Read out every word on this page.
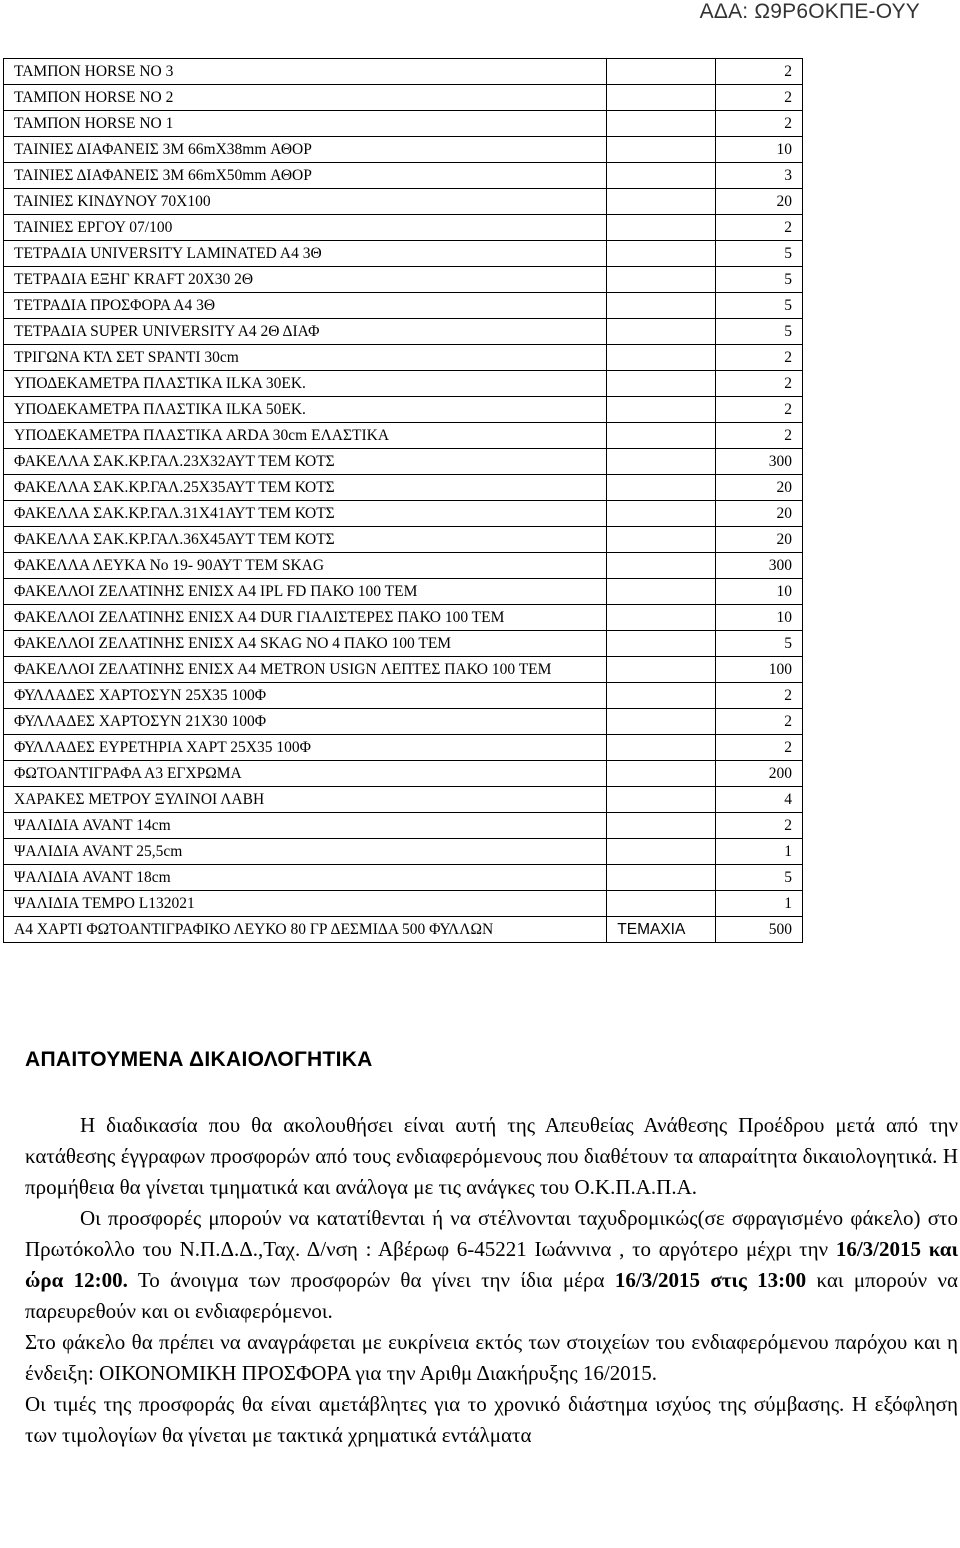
ΑΔΑ: Ω9Ρ6ΟΚΠΕ-ΟΥΥ
ΤΑΜΠΟΝ HORSE NO 3		2
ΤΑΜΠΟΝ HORSE NO 2		2
ΤΑΜΠΟΝ HORSE NO 1		2
ΤΑΙΝΙΕΣ ΔΙΑΦΑΝΕΙΣ 3M 66mX38mm ΑΘΟΡ		10
ΤΑΙΝΙΕΣ ΔΙΑΦΑΝΕΙΣ 3M 66mX50mm ΑΘΟΡ		3
ΤΑΙΝΙΕΣ ΚΙΝΔΥΝΟΥ 70Χ100		20
ΤΑΙΝΙΕΣ ΕΡΓΟΥ 07/100		2
ΤΕΤΡΑΔΙΑ UNIVERSITY LAMINATED A4 3Θ		5
ΤΕΤΡΑΔΙΑ ΕΞΗΓ KRAFT 20Χ30 2Θ		5
ΤΕΤΡΑΔΙΑ ΠΡΟΣΦΟΡΑ Α4 3Θ		5
ΤΕΤΡΑΔΙΑ SUPER UNIVERSITY A4 2Θ ΔΙΑΦ		5
ΤΡΙΓΩΝΑ ΚΤΛ ΣΕΤ SPANTI 30cm		2
ΥΠΟΔΕΚΑΜΕΤΡΑ ΠΛΑΣΤΙΚΑ ILKA 30ΕΚ.		2
ΥΠΟΔΕΚΑΜΕΤΡΑ ΠΛΑΣΤΙΚΑ ILKA 50ΕΚ.		2
ΥΠΟΔΕΚΑΜΕΤΡΑ ΠΛΑΣΤΙΚΑ ARDA 30cm ΕΛΑΣΤΙΚΑ		2
ΦΑΚΕΛΛΑ ΣΑΚ.ΚΡ.ΓΑΛ.23Χ32ΑΥΤ ΤΕΜ ΚΟΤΣ		300
ΦΑΚΕΛΛΑ ΣΑΚ.ΚΡ.ΓΑΛ.25Χ35ΑΥΤ ΤΕΜ ΚΟΤΣ		20
ΦΑΚΕΛΛΑ ΣΑΚ.ΚΡ.ΓΑΛ.31Χ41ΑΥΤ ΤΕΜ ΚΟΤΣ		20
ΦΑΚΕΛΛΑ ΣΑΚ.ΚΡ.ΓΑΛ.36Χ45ΑΥΤ ΤΕΜ ΚΟΤΣ		20
ΦΑΚΕΛΛΑ ΛΕΥΚΑ Νο 19- 90ΑΥΤ ΤΕΜ SKAG		300
ΦΑΚΕΛΛΟΙ ΖΕΛΑΤΙΝΗΣ ΕΝΙΣΧ Α4 IPL FD ΠΑΚΟ 100 ΤΕΜ		10
ΦΑΚΕΛΛΟΙ ΖΕΛΑΤΙΝΗΣ ΕΝΙΣΧ Α4 DUR ΓΙΑΛΙΣΤΕΡΕΣ ΠΑΚΟ 100 ΤΕΜ		10
ΦΑΚΕΛΛΟΙ ΖΕΛΑΤΙΝΗΣ ΕΝΙΣΧ Α4 SKAG NO 4 ΠΑΚΟ 100 ΤΕΜ		5
ΦΑΚΕΛΛΟΙ ΖΕΛΑΤΙΝΗΣ ΕΝΙΣΧ Α4 METRON USIGN ΛΕΠΤΕΣ ΠΑΚΟ 100 ΤΕΜ		100
ΦΥΛΛΑΔΕΣ ΧΑΡΤΟΣΥΝ 25Χ35 100Φ		2
ΦΥΛΛΑΔΕΣ ΧΑΡΤΟΣΥΝ 21Χ30 100Φ		2
ΦΥΛΛΑΔΕΣ ΕΥΡΕΤΗΡΙΑ ΧΑΡΤ 25Χ35 100Φ		2
ΦΩΤΟΑΝΤΙΓΡΑΦΑ Α3 ΕΓΧΡΩΜΑ		200
ΧΑΡΑΚΕΣ ΜΕΤΡΟΥ ΞΥΛΙΝΟΙ ΛΑΒΗ		4
ΨΑΛΙΔΙΑ AVANT 14cm		2
ΨΑΛΙΔΙΑ AVANT 25,5cm		1
ΨΑΛΙΔΙΑ AVANT 18cm		5
ΨΑΛΙΔΙΑ TEMPO L132021		1
Α4 ΧΑΡΤΙ ΦΩΤΟΑΝΤΙΓΡΑΦΙΚΟ ΛΕΥΚΟ 80 ΓΡ ΔΕΣΜΙΔΑ 500 ΦΥΛΛΩΝ	ΤΕΜΑΧΙΑ	500
ΑΠΑΙΤΟΥΜΕΝΑ ΔΙΚΑΙΟΛΟΓΗΤΙΚΑ

Η διαδικασία που θα ακολουθήσει είναι αυτή της Απευθείας Ανάθεσης Προέδρου μετά από την κατάθεσης έγγραφων προσφορών από τους ενδιαφερόμενους που διαθέτουν τα απαραίτητα δικαιολογητικά. Η προμήθεια θα γίνεται τμηματικά και ανάλογα με τις ανάγκες του Ο.Κ.Π.Α.Π.Α.

Οι προσφορές μπορούν να κατατίθενται ή να στέλνονται ταχυδρομικώς(σε σφραγισμένο φάκελο) στο Πρωτόκολλο του Ν.Π.Δ.Δ.,Ταχ. Δ/νση : Αβέρωφ 6-45221 Ιωάννινα , το αργότερο μέχρι την 16/3/2015 και ώρα 12:00. Το άνοιγμα των προσφορών θα γίνει την ίδια μέρα 16/3/2015 στις 13:00 και μπορούν να παρευρεθούν και οι ενδιαφερόμενοι.

Στο φάκελο θα πρέπει να αναγράφεται με ευκρίνεια εκτός των στοιχείων του ενδιαφερόμενου παρόχου και η ένδειξη: ΟΙΚΟΝΟΜΙΚΗ ΠΡΟΣΦΟΡΑ για την Αριθμ Διακήρυξης 16/2015.

Οι τιμές της προσφοράς θα είναι αμετάβλητες για το χρονικό διάστημα ισχύος της σύμβασης. Η εξόφληση των τιμολογίων θα γίνεται με τακτικά χρηματικά εντάλματα
